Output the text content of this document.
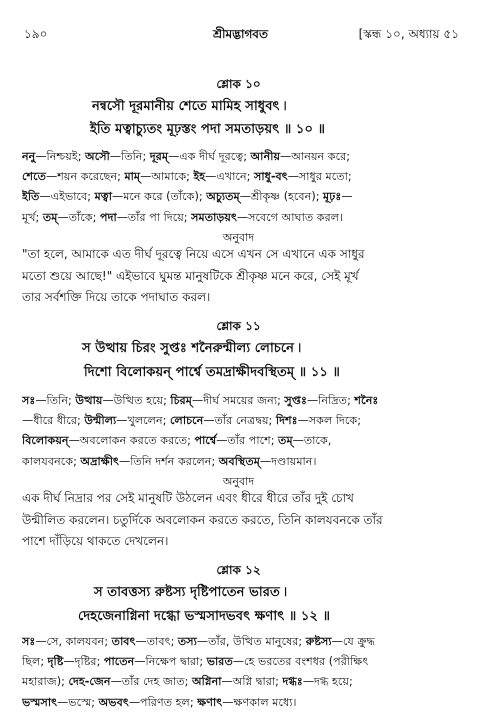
১৯০	শ্রীমদ্ভাগবত	[স্কন্ধ ১০, অধ্যায় ৫১
শ্লোক ১০
নন্বসৌ দূরমানীয় শেতে মামিহ সাধুবৎ ৷
ইতি মত্বাচ্যুতং মূঢ়স্তং পদা সমতাড়য়ৎ ॥ ১০ ॥
ননু—নিশ্চয়ই; অসৌ—তিনি; দূরম্—এক দীর্ঘ দূরত্বে; আনীয়—আনয়ন করে;
শেতে—শয়ন করেছেন; মাম্—আমাকে; ইহ—এখানে; সাধু-বৎ—সাধুর মতো;
ইতি—এইভাবে; মত্বা—মনে করে (তাঁকে); অচ্যুতম্—শ্রীকৃষ্ণ (হবেন); মূঢ়ঃ—
মূর্খ; তম্—তাঁকে; পদা—তাঁর পা দিয়ে; সমতাড়য়ৎ—সবেগে আঘাত করল।
অনুবাদ
"তা হলে, আমাকে এত দীর্ঘ দূরত্বে নিয়ে এসে এখন সে এখানে এক সাধুর
মতো শুয়ে আছে!" এইভাবে ঘুমন্ত মানুষটিকে শ্রীকৃষ্ণ মনে করে, সেই মূর্খ
তার সর্বশক্তি দিয়ে তাকে পদাঘাত করল।
শ্লোক ১১
স উত্থায় চিরং সুপ্তঃ শনৈরুন্মীল্য লোচনে ৷
দিশো বিলোকয়ন্ পার্শ্বে তমদ্রাক্ষীদবস্থিতম্ ॥ ১১ ॥
সঃ—তিনি; উত্থায়—উত্থিত হয়ে; চিরম্—দীর্ঘ সময়ের জন্য; সুপ্তঃ—নিদ্রিত; শনৈঃ
—ধীরে ধীরে; উন্মীল্য—খুললেন; লোচনে—তাঁর নেত্রদ্বয়; দিশঃ—সকল দিকে;
বিলোকয়ন্—অবলোকন করতে করতে; পার্শ্বে—তাঁর পাশে; তম্—তাকে,
কালযবনকে; অদ্রাক্ষীৎ—তিনি দর্শন করলেন; অবস্থিতম্—দণ্ডায়মান।
অনুবাদ
এক দীর্ঘ নিদ্রার পর সেই মানুষটি উঠলেন এবং ধীরে ধীরে তাঁর দুই চোখ
উন্মীলিত করলেন। চতুর্দিকে অবলোকন করতে করতে, তিনি কালযবনকে তাঁর
পাশে দাঁড়িয়ে থাকতে দেখলেন।
শ্লোক ১২
স তাবত্তস্য রুষ্টস্য দৃষ্টিপাতেন ভারত ৷
দেহজেনাগ্নিনা দগ্ধো ভস্মসাদভবৎ ক্ষণাৎ ॥ ১২ ॥
সঃ—সে, কালযবন; তাবৎ—তাবৎ; তস্য—তাঁর, উত্থিত মানুষের; রুষ্টস্য—যে ক্রুদ্ধ
ছিল; দৃষ্টি—দৃষ্টির; পাতেন—নিক্ষেপ দ্বারা; ভারত—হে ভরতের বংশধর (পরীক্ষিৎ
মহারাজ); দেহ-জেন—তাঁর দেহ জাত; অগ্নিনা—অগ্নি দ্বারা; দগ্ধঃ—দগ্ধ হয়ে;
ভস্মসাৎ—ভস্মে; অভবৎ—পরিণত হল; ক্ষণাৎ—ক্ষণকাল মধ্যে।
